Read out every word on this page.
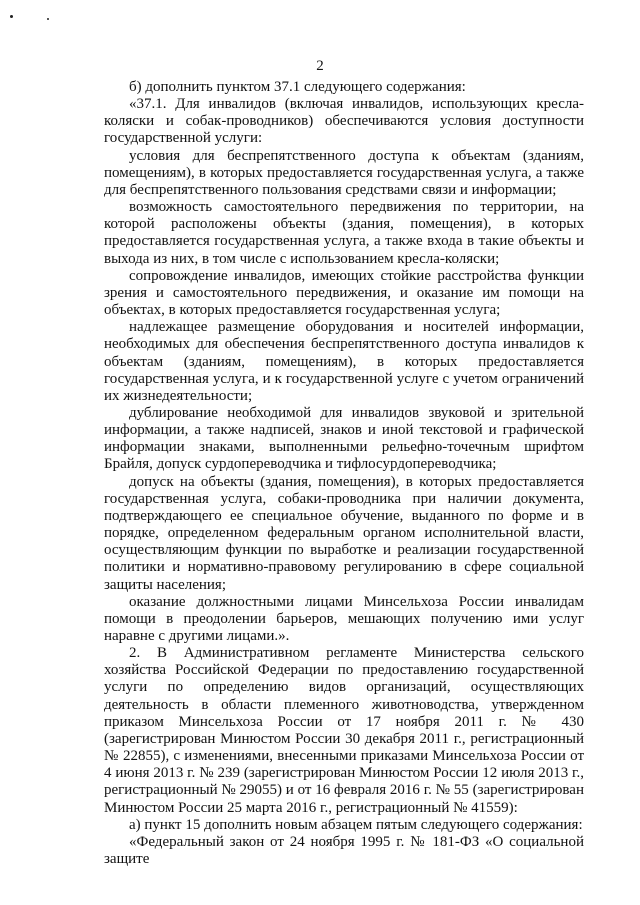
2

б) дополнить пунктом 37.1 следующего содержания:

«37.1. Для инвалидов (включая инвалидов, использующих кресла-коляски и собак-проводников) обеспечиваются условия доступности государственной услуги:

условия для беспрепятственного доступа к объектам (зданиям, помещениям), в которых предоставляется государственная услуга, а также для беспрепятственного пользования средствами связи и информации;

возможность самостоятельного передвижения по территории, на которой расположены объекты (здания, помещения), в которых предоставляется государственная услуга, а также входа в такие объекты и выхода из них, в том числе с использованием кресла-коляски;

сопровождение инвалидов, имеющих стойкие расстройства функции зрения и самостоятельного передвижения, и оказание им помощи на объектах, в которых предоставляется государственная услуга;

надлежащее размещение оборудования и носителей информации, необходимых для обеспечения беспрепятственного доступа инвалидов к объектам (зданиям, помещениям), в которых предоставляется государственная услуга, и к государственной услуге с учетом ограничений их жизнедеятельности;

дублирование необходимой для инвалидов звуковой и зрительной информации, а также надписей, знаков и иной текстовой и графической информации знаками, выполненными рельефно-точечным шрифтом Брайля, допуск сурдопереводчика и тифлосурдопереводчика;

допуск на объекты (здания, помещения), в которых предоставляется государственная услуга, собаки-проводника при наличии документа, подтверждающего ее специальное обучение, выданного по форме и в порядке, определенном федеральным органом исполнительной власти, осуществляющим функции по выработке и реализации государственной политики и нормативно-правовому регулированию в сфере социальной защиты населения;

оказание должностными лицами Минсельхоза России инвалидам помощи в преодолении барьеров, мешающих получению ими услуг наравне с другими лицами.».

2. В Административном регламенте Министерства сельского хозяйства Российской Федерации по предоставлению государственной услуги по определению видов организаций, осуществляющих деятельность в области племенного животноводства, утвержденном приказом Минсельхоза России от 17 ноября 2011 г. № 430 (зарегистрирован Минюстом России 30 декабря 2011 г., регистрационный № 22855), с изменениями, внесенными приказами Минсельхоза России от 4 июня 2013 г. № 239 (зарегистрирован Минюстом России 12 июля 2013 г., регистрационный № 29055) и от 16 февраля 2016 г. № 55 (зарегистрирован Минюстом России 25 марта 2016 г., регистрационный № 41559):

а) пункт 15 дополнить новым абзацем пятым следующего содержания:

«Федеральный закон от 24 ноября 1995 г. № 181-ФЗ «О социальной защите
